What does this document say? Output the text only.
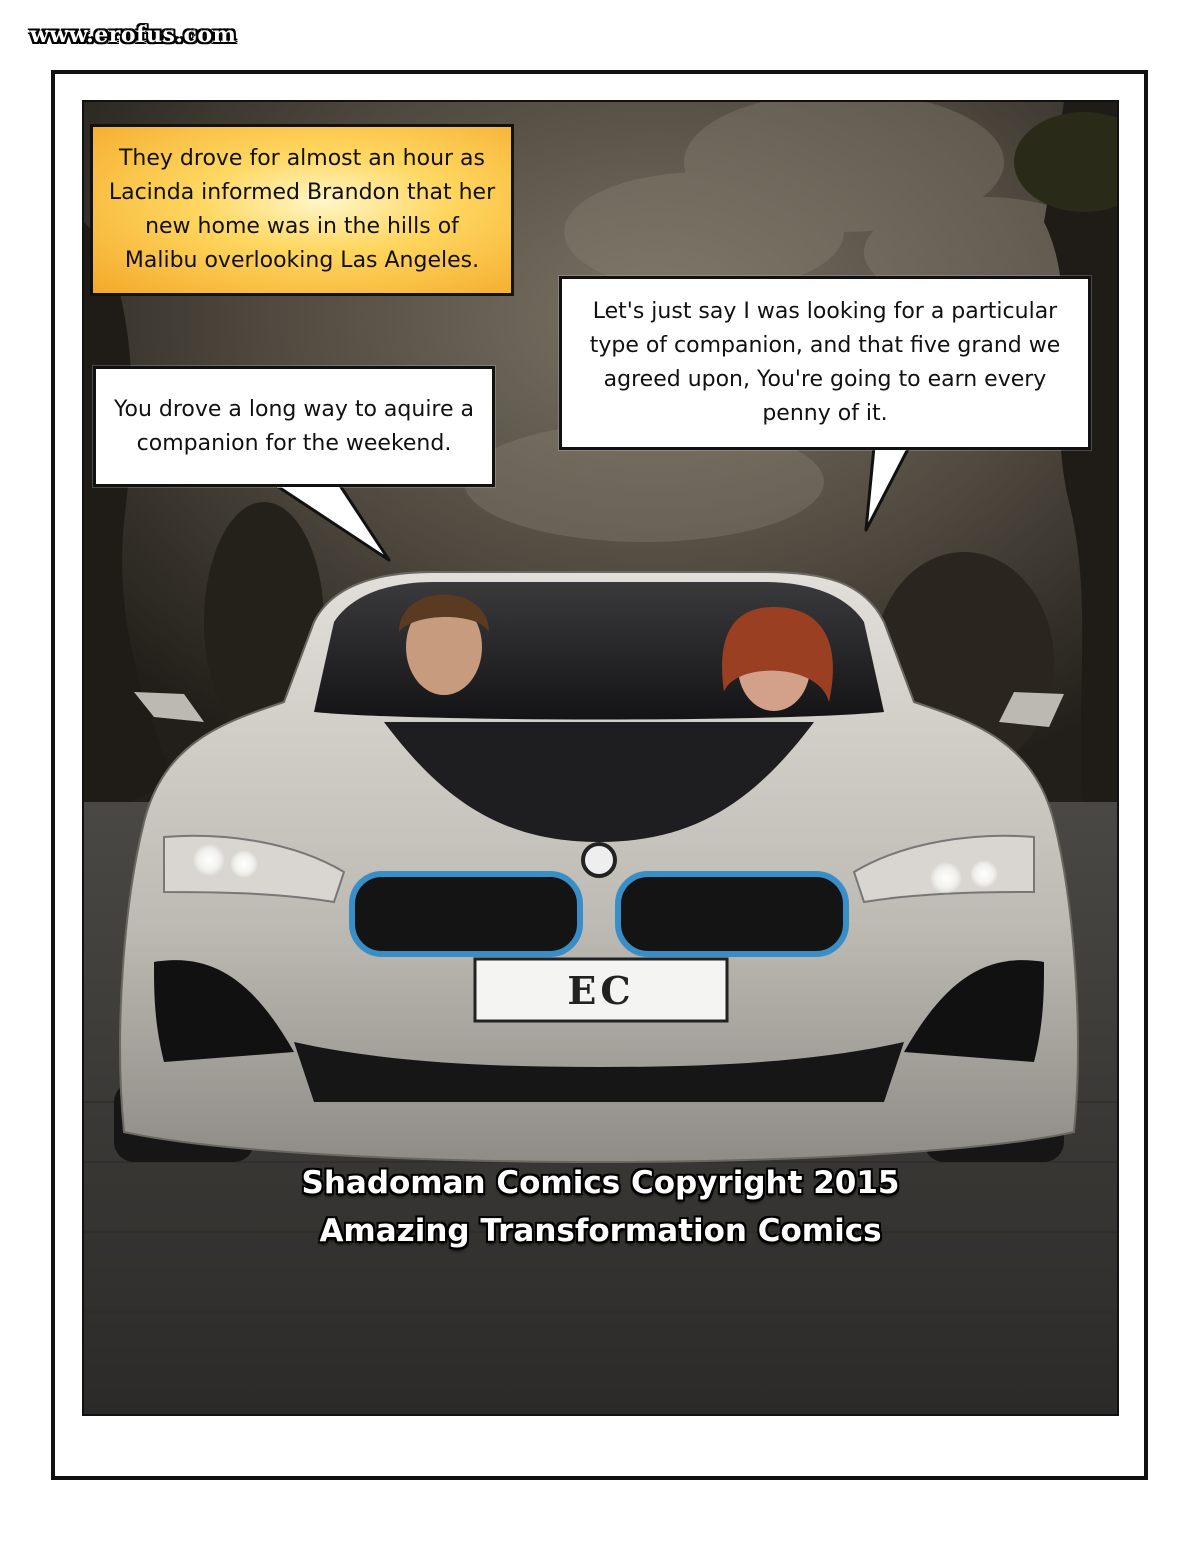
www.erofus.com
EC
They drove for almost an hour as Lacinda informed Brandon that her new home was in the hills of Malibu overlooking Las Angeles.
You drove a long way to aquire a companion for the weekend.
Let's just say I was looking for a particular type of companion, and that five grand we agreed upon, You're going to earn every penny of it.
Shadoman Comics Copyright 2015
Amazing Transformation Comics
